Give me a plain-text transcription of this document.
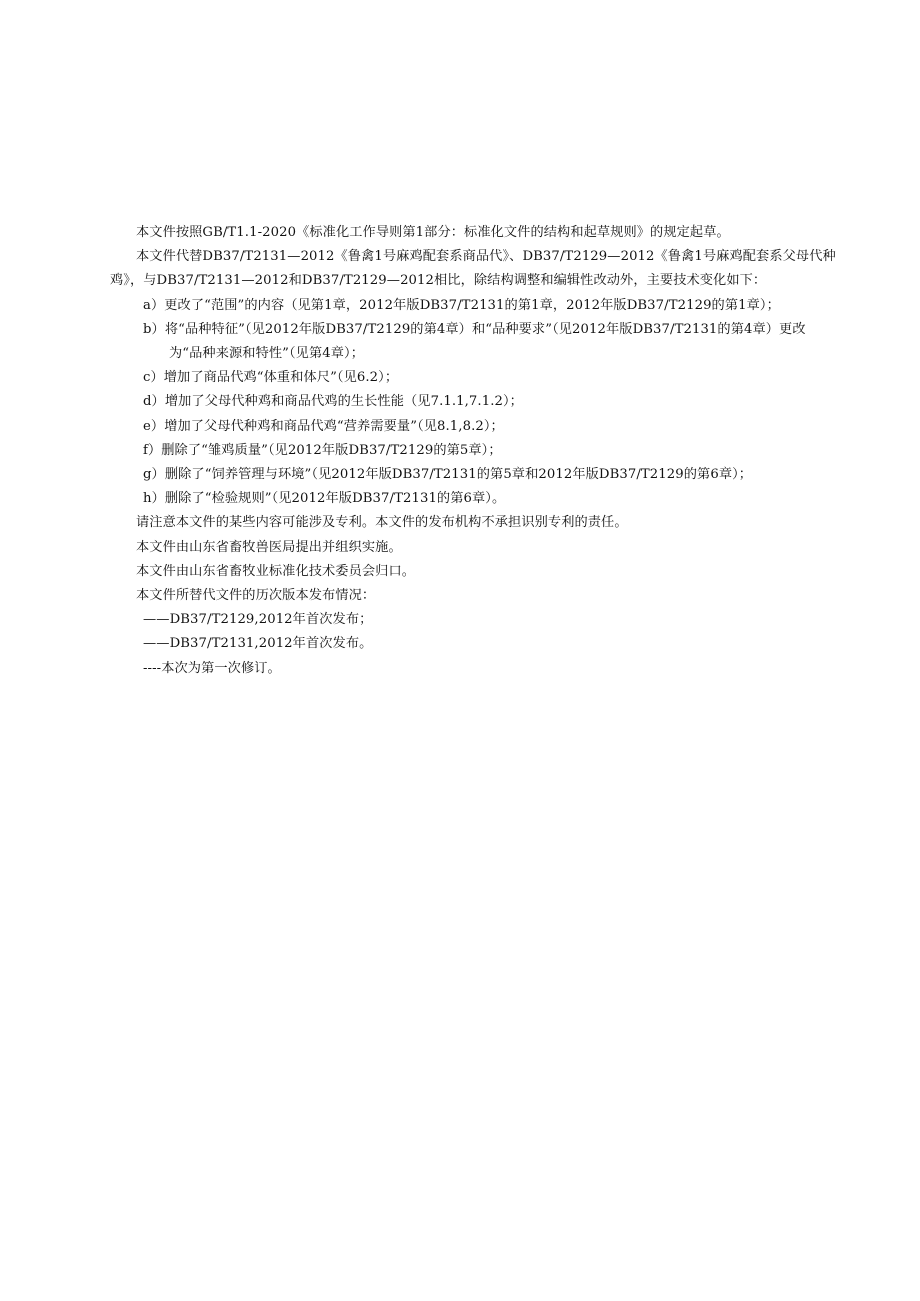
本文件按照GB/T1.1-2020《标准化工作导则第1部分：标准化文件的结构和起草规则》的规定起草。

本文件代替DB37/T2131—2012《鲁禽1号麻鸡配套系商品代》、DB37/T2129—2012《鲁禽1号麻鸡配套系父母代种鸡》，与DB37/T2131—2012和DB37/T2129—2012相比，除结构调整和编辑性改动外，主要技术变化如下：

a）更改了“范围”的内容（见第1章，2012年版DB37/T2131的第1章，2012年版DB37/T2129的第1章）；

b）将“品种特征”（见2012年版DB37/T2129的第4章）和“品种要求”（见2012年版DB37/T2131的第4章）更改为“品种来源和特性”（见第4章）；

c）增加了商品代鸡“体重和体尺”（见6.2）；

d）增加了父母代种鸡和商品代鸡的生长性能（见7.1.1,7.1.2）；

e）增加了父母代种鸡和商品代鸡“营养需要量”（见8.1,8.2）；

f）删除了“雏鸡质量”（见2012年版DB37/T2129的第5章）；

g）删除了“饲养管理与环境”（见2012年版DB37/T2131的第5章和2012年版DB37/T2129的第6章）；

h）删除了“检验规则”（见2012年版DB37/T2131的第6章）。

请注意本文件的某些内容可能涉及专利。本文件的发布机构不承担识别专利的责任。

本文件由山东省畜牧兽医局提出并组织实施。

本文件由山东省畜牧业标准化技术委员会归口。

本文件所替代文件的历次版本发布情况：

——DB37/T2129,2012年首次发布；

——DB37/T2131,2012年首次发布。

----本次为第一次修订。
